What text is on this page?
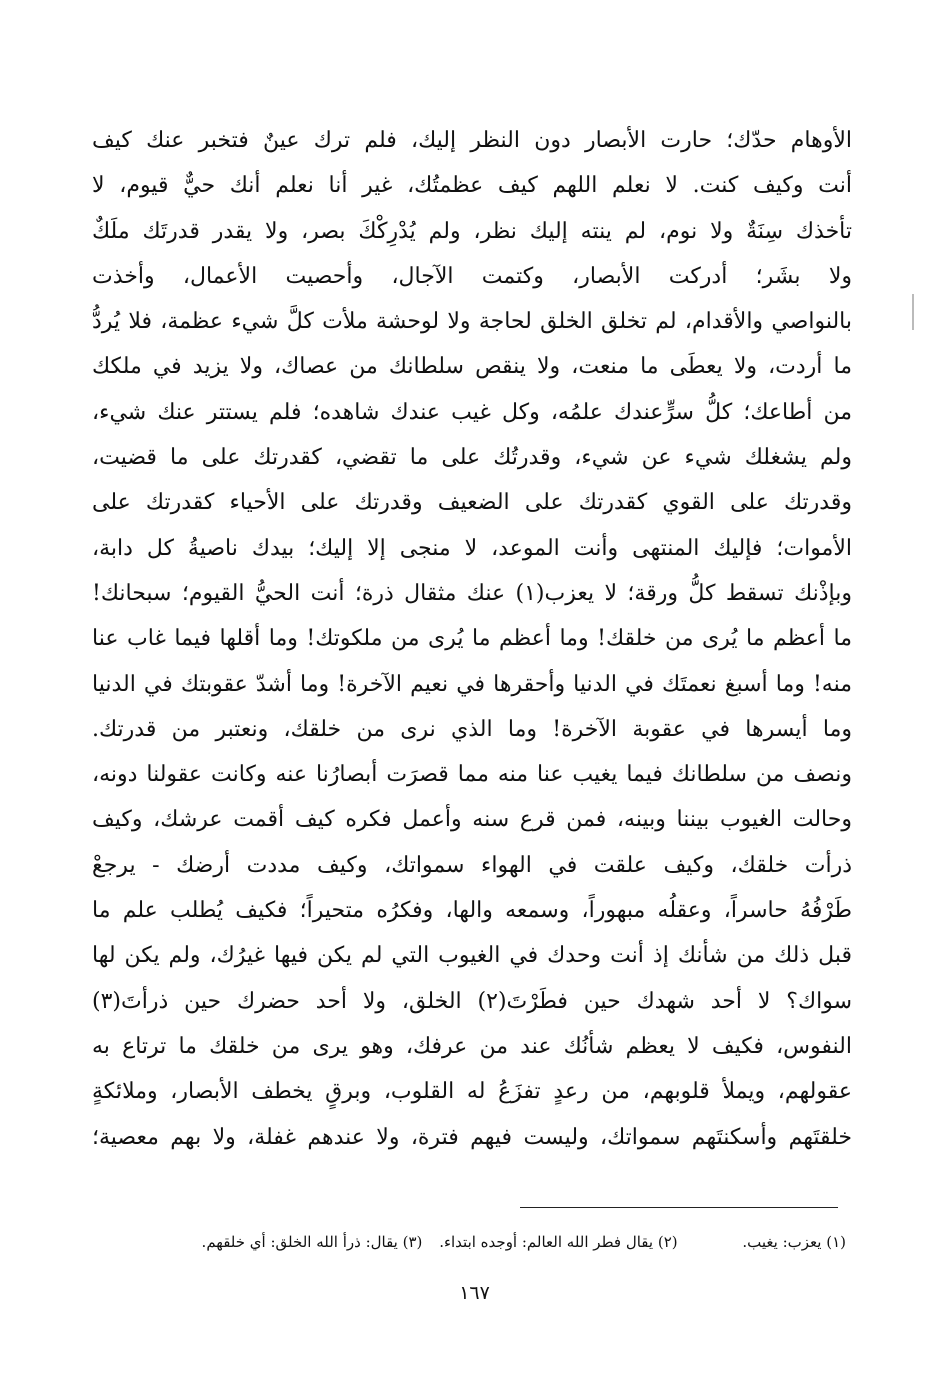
الأوهام حدّك؛ حارت الأبصار دون النظر إليك، فلم ترك عينٌ فتخبر عنك كيف
أنت وكيف كنت. لا نعلم اللهم كيف عظمتُك، غير أنا نعلم أنك حيٌّ قيوم، لا
تأخذك سِنَةٌ ولا نوم، لم ينته إليك نظر، ولم يُدْرِكْكَ بصر، ولا يقدر قدرتَك ملَكٌ
ولا بشَر؛ أدركت الأبصار، وكتمت الآجال، وأحصيت الأعمال، وأخذت
بالنواصي والأقدام، لم تخلق الخلق لحاجة ولا لوحشة ملأت كلَّ شيء عظمة، فلا يُردُّ
ما أردت، ولا يعطَى ما منعت، ولا ينقص سلطانك من عصاك، ولا يزيد في ملكك
من أطاعك؛ كلُّ سرٍّعندك علمُه، وكل غيب عندك شاهده؛ فلم يستتر عنك شيء،
ولم يشغلك شيء عن شيء، وقدرتُك على ما تقضي، كقدرتك على ما قضيت،
وقدرتك على القوي كقدرتك على الضعيف وقدرتك على الأحياء كقدرتك على
الأموات؛ فإليك المنتهى وأنت الموعد، لا منجى إلا إليك؛ بيدك ناصيةُ كل دابة،
وبإذْنك تسقط كلُّ ورقة؛ لا يعزب(١) عنك مثقال ذرة؛ أنت الحيُّ القيوم؛ سبحانك!
ما أعظم ما يُرى من خلقك! وما أعظم ما يُرى من ملكوتك! وما أقلها فيما غاب عنا
منه! وما أسبغ نعمتَك في الدنيا وأحقرها في نعيم الآخرة! وما أشدّ عقوبتك في الدنيا
وما أيسرها في عقوبة الآخرة! وما الذي نرى من خلقك، ونعتبر من قدرتك.
ونصف من سلطانك فيما يغيب عنا منه مما قصرَت أبصارُنا عنه وكانت عقولنا دونه،
وحالت الغيوب بيننا وبينه، فمن قرع سنه وأعمل فكره كيف أقمت عرشك، وكيف
ذرأت خلقك، وكيف علقت في الهواء سمواتك، وكيف مددت أرضك - يرجعْ
طَرْفُهُ حاسراً، وعقلُه مبهوراً، وسمعه والها، وفكرُه متحيراً؛ فكيف يُطلب علم ما
قبل ذلك من شأنك إذ أنت وحدك في الغيوب التي لم يكن فيها غيرُك، ولم يكن لها
سواك؟ لا أحد شهدك حين فطَرْتَ(٢) الخلق، ولا أحد حضرك حين ذرأتَ(٣)
النفوس، فكيف لا يعظم شأنُك عند من عرفك، وهو يرى من خلقك ما ترتاع به
عقولهم، ويملأ قلوبهم، من رعدٍ تفزَعُ له القلوب، وبرقٍ يخطف الأبصار، وملائكةٍ
خلقتَهم وأسكنتَهم سمواتك، وليست فيهم فترة، ولا عندهم غفلة، ولا بهم معصية؛
(١) يعزب: يغيب. (٢) يقال فطر الله العالم: أوجده ابتداء. (٣) يقال: ذرأ الله الخلق: أي خلقهم.
١٦٧
